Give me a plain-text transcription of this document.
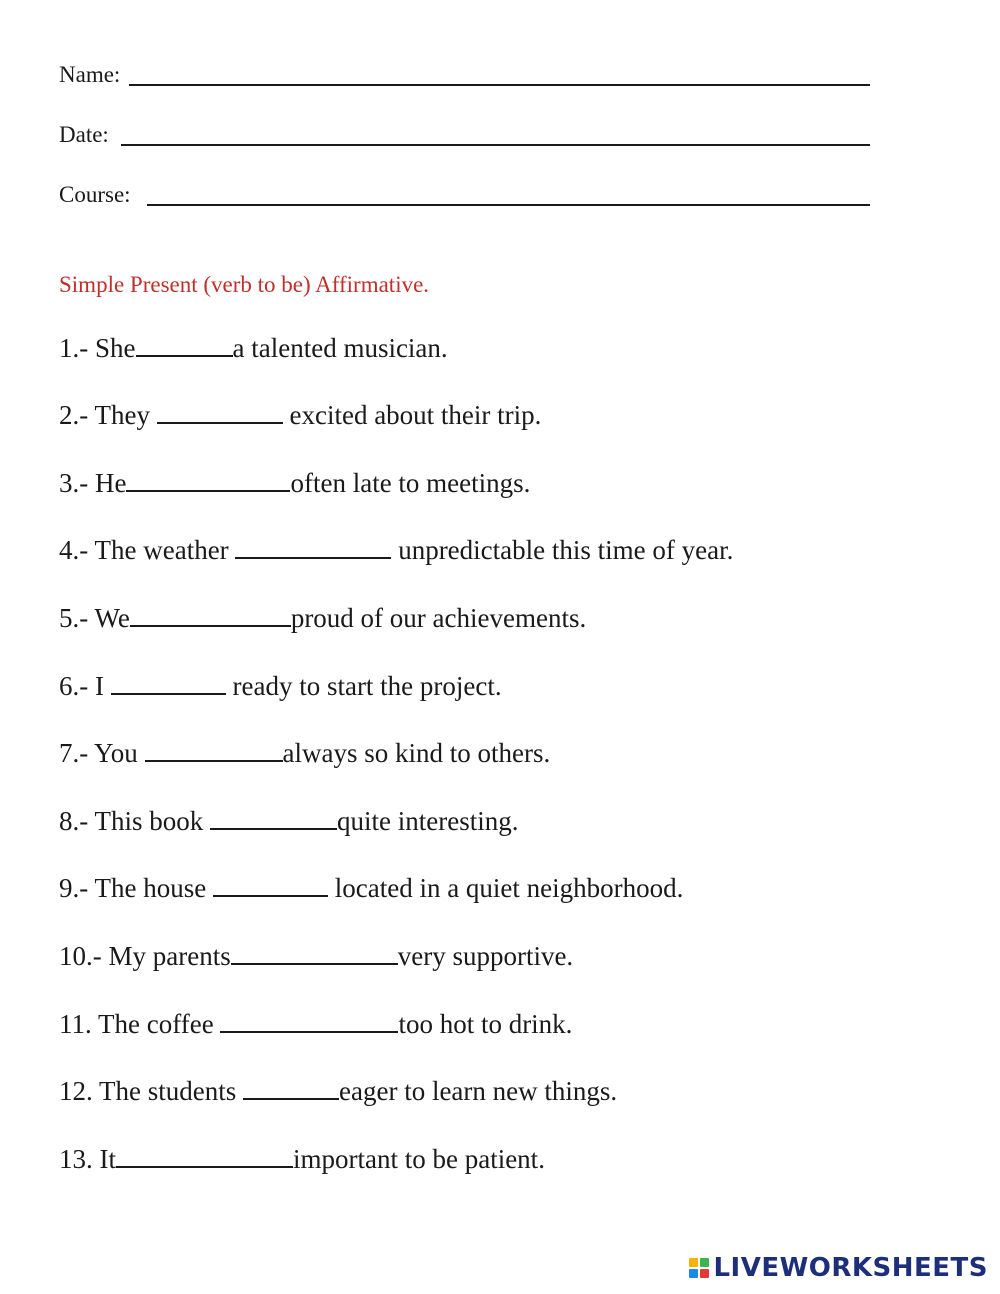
Name:
Date:
Course:
Simple Present (verb to be) Affirmative.
1.- She	a talented musician.
2.- They	excited about their trip.
3.- He	often late to meetings.
4.- The weather	unpredictable this time of year.
5.- We	proud of our achievements.
6.- I	ready to start the project.
7.- You	always so kind to others.
8.- This book	quite interesting.
9.- The house	located in a quiet neighborhood.
10.- My parents	very supportive.
11. The coffee	too hot to drink.
12. The students	eager to learn new things.
13. It	important to be patient.
LIVEWORKSHEETS
